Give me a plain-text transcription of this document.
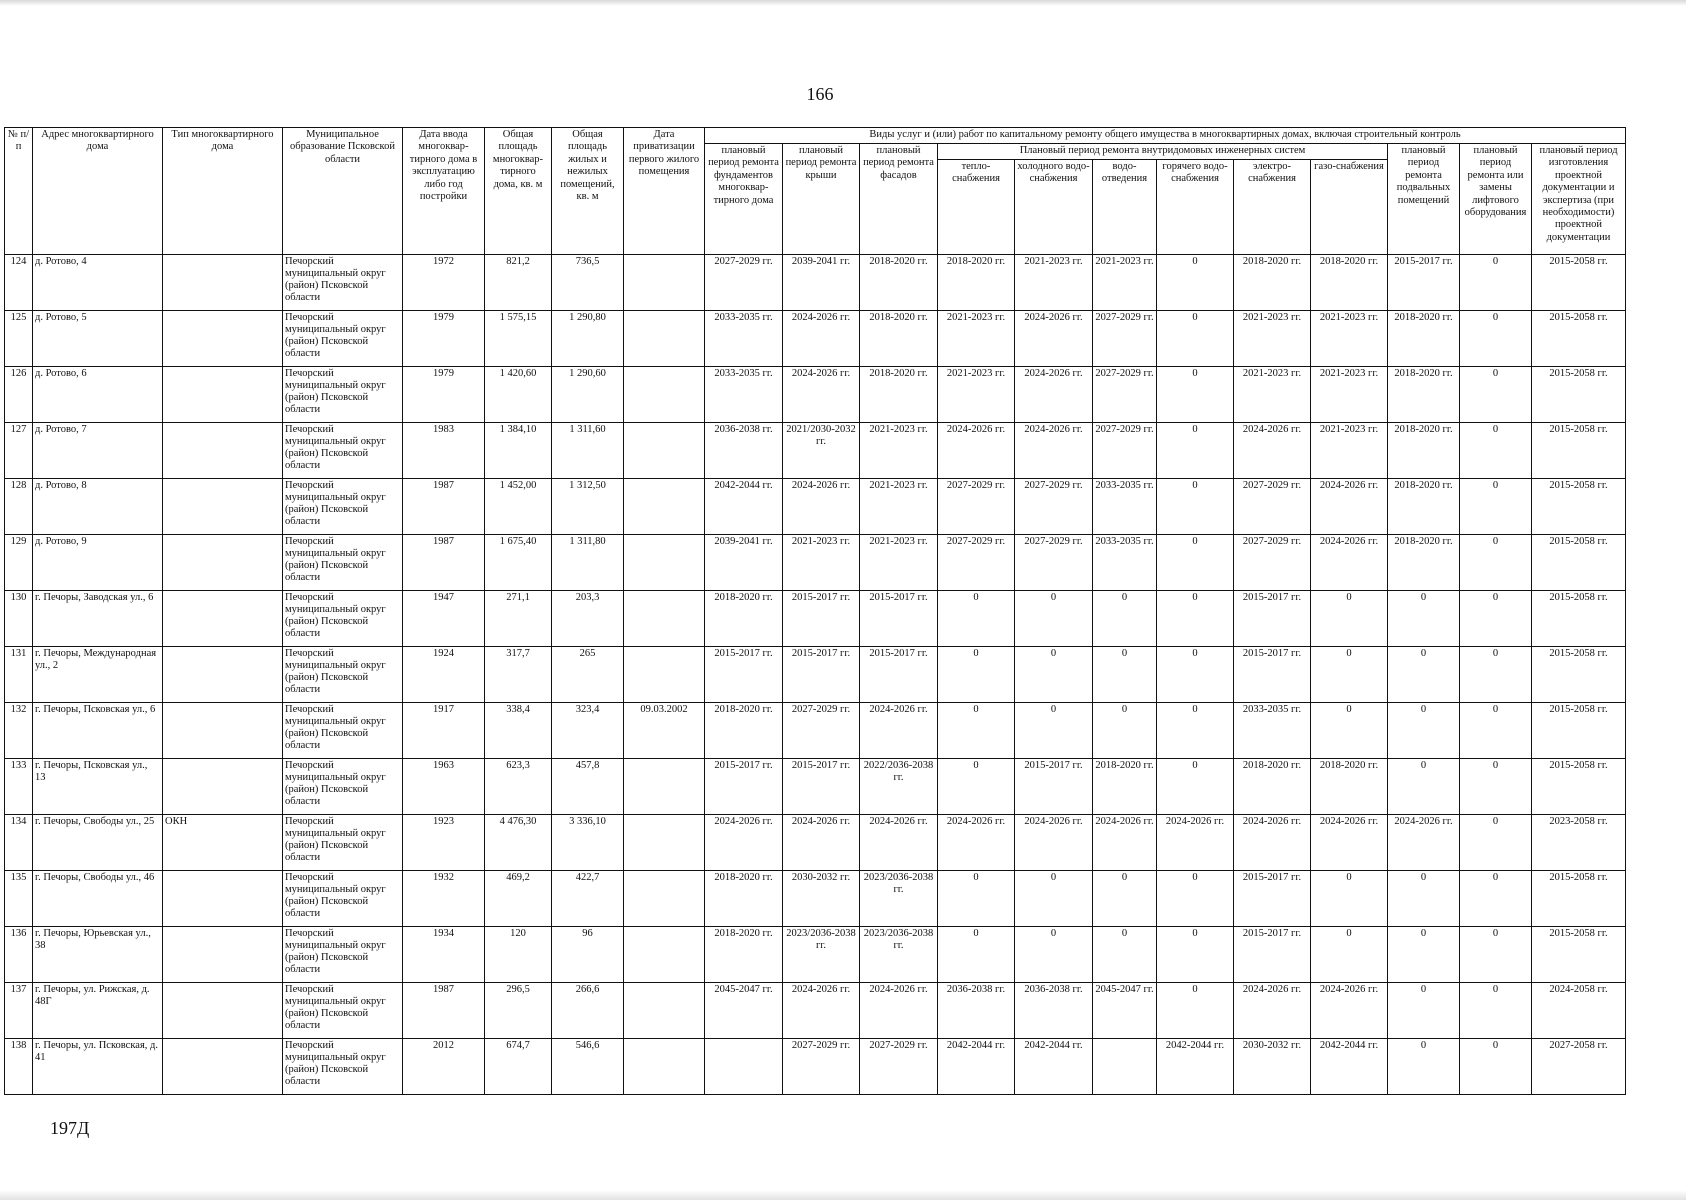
166
№ п/п	Адрес многоквартирного дома	Тип многоквартирного дома	Муниципальное образование Псковской области	Дата ввода многоквар-тирного дома в эксплуатацию либо год постройки	Общая площадь многоквар-тирного дома, кв. м	Общая площадь жилых и нежилых помещений, кв. м	Дата приватизации первого жилого помещения	Виды услуг и (или) работ по капитальному ремонту общего имущества в многоквартирных домах, включая строительный контроль											
								плановый период ремонта фундаментов многоквар-тирного дома	плановый период ремонта крыши	плановый период ремонта фасадов	Плановый период ремонта внутридомовых инженерных систем						плановый период ремонта подвальных помещений	плановый период ремонта или замены лифтового оборудования	плановый период изготовления проектной документации и экспертиза (при необходимости) проектной документации
											тепло-снабжения	холодного водо-снабжения	водо-отведения	горячего водо-снабжения	электро-снабжения	газо-снабжения			
124	д. Ротово, 4		Печорский муниципальный округ (район) Псковской области	1972	821,2	736,5		2027-2029 гг.	2039-2041 гг.	2018-2020 гг.	2018-2020 гг.	2021-2023 гг.	2021-2023 гг.	0	2018-2020 гг.	2018-2020 гг.	2015-2017 гг.	0	2015-2058 гг.
125	д. Ротово, 5		Печорский муниципальный округ (район) Псковской области	1979	1 575,15	1 290,80		2033-2035 гг.	2024-2026 гг.	2018-2020 гг.	2021-2023 гг.	2024-2026 гг.	2027-2029 гг.	0	2021-2023 гг.	2021-2023 гг.	2018-2020 гг.	0	2015-2058 гг.
126	д. Ротово, 6		Печорский муниципальный округ (район) Псковской области	1979	1 420,60	1 290,60		2033-2035 гг.	2024-2026 гг.	2018-2020 гг.	2021-2023 гг.	2024-2026 гг.	2027-2029 гг.	0	2021-2023 гг.	2021-2023 гг.	2018-2020 гг.	0	2015-2058 гг.
127	д. Ротово, 7		Печорский муниципальный округ (район) Псковской области	1983	1 384,10	1 311,60		2036-2038 гг.	2021/2030-2032 гг.	2021-2023 гг.	2024-2026 гг.	2024-2026 гг.	2027-2029 гг.	0	2024-2026 гг.	2021-2023 гг.	2018-2020 гг.	0	2015-2058 гг.
128	д. Ротово, 8		Печорский муниципальный округ (район) Псковской области	1987	1 452,00	1 312,50		2042-2044 гг.	2024-2026 гг.	2021-2023 гг.	2027-2029 гг.	2027-2029 гг.	2033-2035 гг.	0	2027-2029 гг.	2024-2026 гг.	2018-2020 гг.	0	2015-2058 гг.
129	д. Ротово, 9		Печорский муниципальный округ (район) Псковской области	1987	1 675,40	1 311,80		2039-2041 гг.	2021-2023 гг.	2021-2023 гг.	2027-2029 гг.	2027-2029 гг.	2033-2035 гг.	0	2027-2029 гг.	2024-2026 гг.	2018-2020 гг.	0	2015-2058 гг.
130	г. Печоры, Заводская ул., 6		Печорский муниципальный округ (район) Псковской области	1947	271,1	203,3		2018-2020 гг.	2015-2017 гг.	2015-2017 гг.	0	0	0	0	2015-2017 гг.	0	0	0	2015-2058 гг.
131	г. Печоры, Международная ул., 2		Печорский муниципальный округ (район) Псковской области	1924	317,7	265		2015-2017 гг.	2015-2017 гг.	2015-2017 гг.	0	0	0	0	2015-2017 гг.	0	0	0	2015-2058 гг.
132	г. Печоры, Псковская ул., 6		Печорский муниципальный округ (район) Псковской области	1917	338,4	323,4	09.03.2002	2018-2020 гг.	2027-2029 гг.	2024-2026 гг.	0	0	0	0	2033-2035 гг.	0	0	0	2015-2058 гг.
133	г. Печоры, Псковская ул., 13		Печорский муниципальный округ (район) Псковской области	1963	623,3	457,8		2015-2017 гг.	2015-2017 гг.	2022/2036-2038 гг.	0	2015-2017 гг.	2018-2020 гг.	0	2018-2020 гг.	2018-2020 гг.	0	0	2015-2058 гг.
134	г. Печоры, Свободы ул., 25	ОКН	Печорский муниципальный округ (район) Псковской области	1923	4 476,30	3 336,10		2024-2026 гг.	2024-2026 гг.	2024-2026 гг.	2024-2026 гг.	2024-2026 гг.	2024-2026 гг.	2024-2026 гг.	2024-2026 гг.	2024-2026 гг.	2024-2026 гг.	0	2023-2058 гг.
135	г. Печоры, Свободы ул., 46		Печорский муниципальный округ (район) Псковской области	1932	469,2	422,7		2018-2020 гг.	2030-2032 гг.	2023/2036-2038 гг.	0	0	0	0	2015-2017 гг.	0	0	0	2015-2058 гг.
136	г. Печоры, Юрьевская ул., 38		Печорский муниципальный округ (район) Псковской области	1934	120	96		2018-2020 гг.	2023/2036-2038 гг.	2023/2036-2038 гг.	0	0	0	0	2015-2017 гг.	0	0	0	2015-2058 гг.
137	г. Печоры, ул. Рижская, д. 48Г		Печорский муниципальный округ (район) Псковской области	1987	296,5	266,6		2045-2047 гг.	2024-2026 гг.	2024-2026 гг.	2036-2038 гг.	2036-2038 гг.	2045-2047 гг.	0	2024-2026 гг.	2024-2026 гг.	0	0	2024-2058 гг.
138	г. Печоры, ул. Псковская, д. 41		Печорский муниципальный округ (район) Псковской области	2012	674,7	546,6			2027-2029 гг.	2027-2029 гг.	2042-2044 гг.	2042-2044 гг.		2042-2044 гг.	2030-2032 гг.	2042-2044 гг.	0	0	2027-2058 гг.
197Д
